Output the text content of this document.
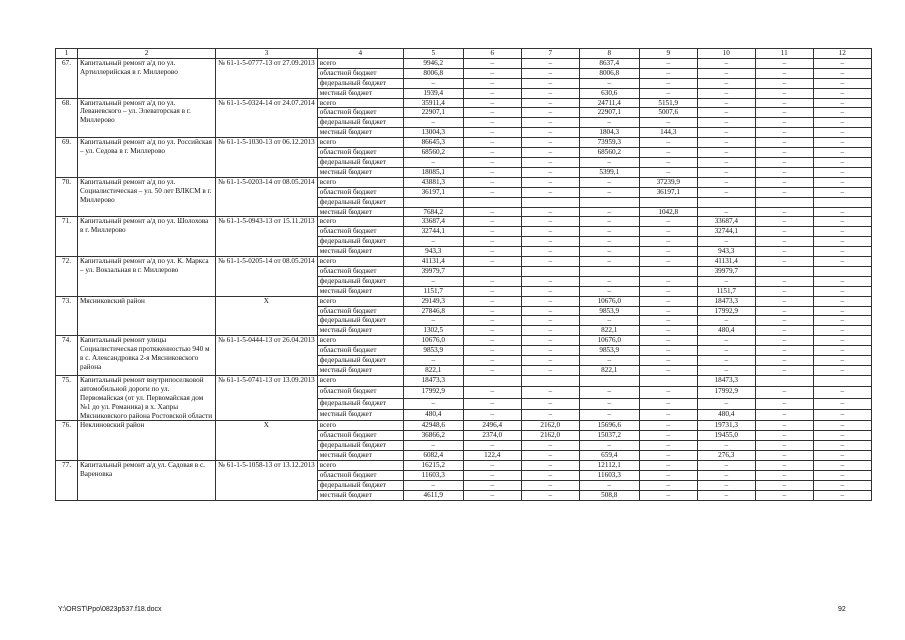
1	2	3	4	5	6	7	8	9	10	11	12
67.	Капитальный ремонт а/д по ул. Артиллерийская в г. Миллерово	№ 61-1-5-0777-13 от 27.09.2013	всего	9946,2	–	–	8637,4	–	–	–	–
			областной бюджет	8006,8	–	–	8006,8	–	–	–	–
			федеральный бюджет	–	–	–	–	–	–	–	–
			местный бюджет	1939,4	–	–	630,6	–	–	–	–
68.	Капитальный ремонт а/д по ул. Леваневского – ул. Элеваторская в г. Миллерово	№ 61-1-5-0324-14 от 24.07.2014	всего	35911,4	–	–	24711,4	5151,9	–	–	–
			областной бюджет	22907,1	–	–	22907,1	5007,6	–	–	–
			федеральный бюджет	–	–	–	–	–	–	–	–
			местный бюджет	13004,3	–	–	1804,3	144,3	–	–	–
69.	Капитальный ремонт а/д по ул. Российская – ул. Седова в г. Миллерово	№ 61-1-5-1030-13 от 06.12.2013	всего	86645,3	–	–	73959,3	–	–	–	–
			областной бюджет	68560,2	–	–	68560,2	–	–	–	–
			федеральный бюджет	–	–	–	–	–	–	–	–
			местный бюджет	18085,1	–	–	5399,1	–	–	–	–
70.	Капитальный ремонт а/д по ул. Социалистическая – ул. 50 лет ВЛКСМ в г. Миллерово	№ 61-1-5-0203-14 от 08.05.2014	всего	43881,3	–	–	–	37239,9	–	–	–
			областной бюджет	36197,1	–	–	–	36197,1	–	–	–
			федеральный бюджет								
			местный бюджет	7684,2	–	–	–	1042,8	–	–	–
71.	Капитальный ремонт а/д по ул. Шолохова в г. Миллерово	№ 61-1-5-0943-13 от 15.11.2013	всего	33687,4	–	–	–	–	33687,4	–	–
			областной бюджет	32744,1	–	–	–	–	32744,1	–	–
			федеральный бюджет	–	–	–	–	–	–	–	–
			местный бюджет	943,3	–	–	–	–	943,3	–	–
72.	Капитальный ремонт а/д по ул. К. Маркса – ул. Вокзальная в г. Миллерово	№ 61-1-5-0205-14 от 08.05.2014	всего	41131,4	–	–	–	–	41131,4	–	–
			областной бюджет	39979,7					39979,7		
			федеральный бюджет	–	–	–	–	–	–	–	–
			местный бюджет	1151,7	–	–	–	–	1151,7	–	–
73.	Мясниковский район	Х	всего	29149,3	–	–	10676,0	–	18473,3	–	–
			областной бюджет	27846,8	–	–	9853,9	–	17992,9	–	–
			федеральный бюджет	–	–	–	–	–	–	–	–
			местный бюджет	1302,5	–	–	822,1	–	480,4	–	–
74.	Капитальный ремонт улицы Социалистическая протяженностью 940 м в с. Александровка 2-я Мясниковского района	№ 61-1-5-0444-13 от 26.04.2013	всего	10676,0	–	–	10676,0	–	–	–	–
			областной бюджет	9853,9	–	–	9853,9	–	–	–	–
			федеральный бюджет	–	–	–	–	–	–	–	–
			местный бюджет	822,1	–	–	822,1	–	–	–	–
75.	Капитальный ремонт внутрипоселковой автомобильной дороги по ул. Первомайская (от ул. Первомайская дом №1 до ул. Романика) в х. Хапры Мясниковского района Ростовской области	№ 61-1-5-0741-13 от 13.09.2013	всего	18473,3					18473,3		
			областной бюджет	17992,9	–	–	–	–	17992,9	–	–
			федеральный бюджет	–	–	–	–	–	–	–	–
			местный бюджет	480,4	–	–	–	–	480,4	–	–
76.	Неклиновский район	Х	всего	42948,6	2496,4	2162,0	15696,6	–	19731,3	–	–
			областной бюджет	36866,2	2374,0	2162,0	15037,2	–	19455,0	–	–
			федеральный бюджет	–	–	–	–	–	–	–	–
			местный бюджет	6082,4	122,4	–	659,4	–	276,3	–	–
77.	Капитальный ремонт а/д ул. Садовая в с. Вареновка	№ 61-1-5-1058-13 от 13.12.2013	всего	16215,2	–	–	12112,1	–	–	–	–
			областной бюджет	11603,3	–	–	11603,3	–	–	–	–
			федеральный бюджет	–	–	–	–	–	–	–	–
			местный бюджет	4611,9	–	–	508,8	–	–	–	–
Y:\ORST\Ppo\0823p537.f18.docx	92
